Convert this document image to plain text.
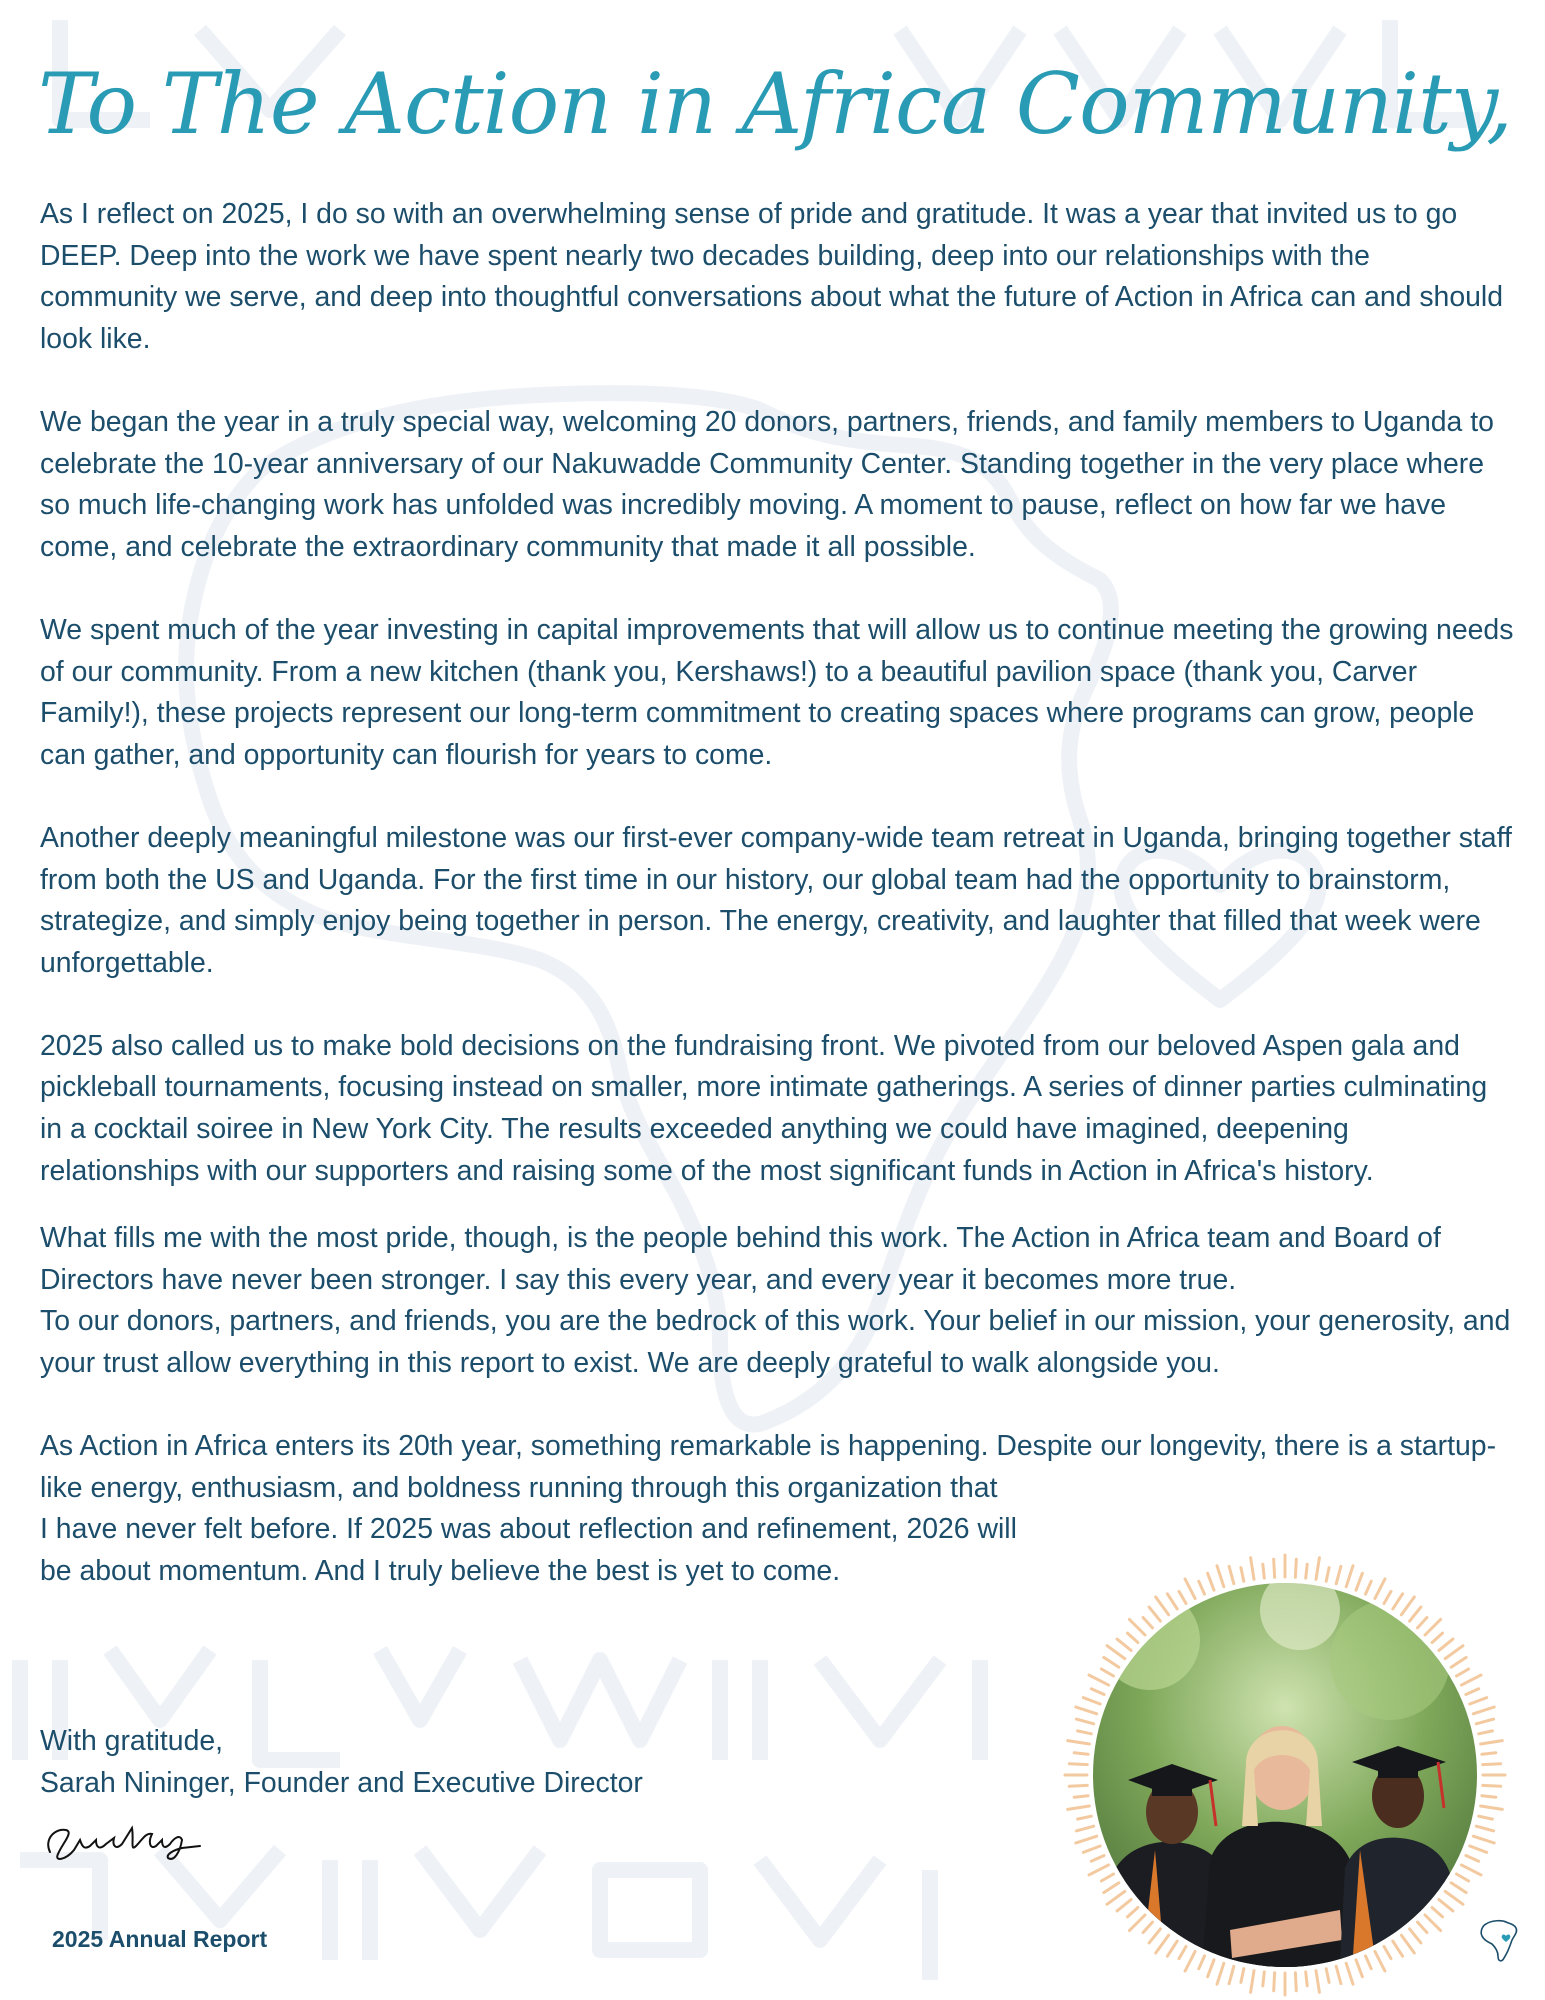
To The Action in Africa Community,

As I reflect on 2025, I do so with an overwhelming sense of pride and gratitude. It was a year that invited us to go DEEP. Deep into the work we have spent nearly two decades building, deep into our relationships with the community we serve, and deep into thoughtful conversations about what the future of Action in Africa can and should look like.

We began the year in a truly special way, welcoming 20 donors, partners, friends, and family members to Uganda to celebrate the 10-year anniversary of our Nakuwadde Community Center. Standing together in the very place where so much life-changing work has unfolded was incredibly moving. A moment to pause, reflect on how far we have come, and celebrate the extraordinary community that made it all possible.

We spent much of the year investing in capital improvements that will allow us to continue meeting the growing needs of our community. From a new kitchen (thank you, Kershaws!) to a beautiful pavilion space (thank you, Carver Family!), these projects represent our long-term commitment to creating spaces where programs can grow, people can gather, and opportunity can flourish for years to come.

Another deeply meaningful milestone was our first-ever company-wide team retreat in Uganda, bringing together staff from both the US and Uganda. For the first time in our history, our global team had the opportunity to brainstorm, strategize, and simply enjoy being together in person. The energy, creativity, and laughter that filled that week were unforgettable.

2025 also called us to make bold decisions on the fundraising front. We pivoted from our beloved Aspen gala and pickleball tournaments, focusing instead on smaller, more intimate gatherings. A series of dinner parties culminating in a cocktail soiree in New York City. The results exceeded anything we could have imagined, deepening relationships with our supporters and raising some of the most significant funds in Action in Africa's history.

What fills me with the most pride, though, is the people behind this work. The Action in Africa team and Board of Directors have never been stronger. I say this every year, and every year it becomes more true.

To our donors, partners, and friends, you are the bedrock of this work. Your belief in our mission, your generosity, and your trust allow everything in this report to exist. We are deeply grateful to walk alongside you.

As Action in Africa enters its 20th year, something remarkable is happening. Despite our longevity, there is a startup-like energy, enthusiasm, and boldness running through this organization that

I have never felt before. If 2025 was about reflection and refinement, 2026 will

be about momentum. And I truly believe the best is yet to come.

With gratitude,

Sarah Nininger, Founder and Executive Director

2025 Annual Report
